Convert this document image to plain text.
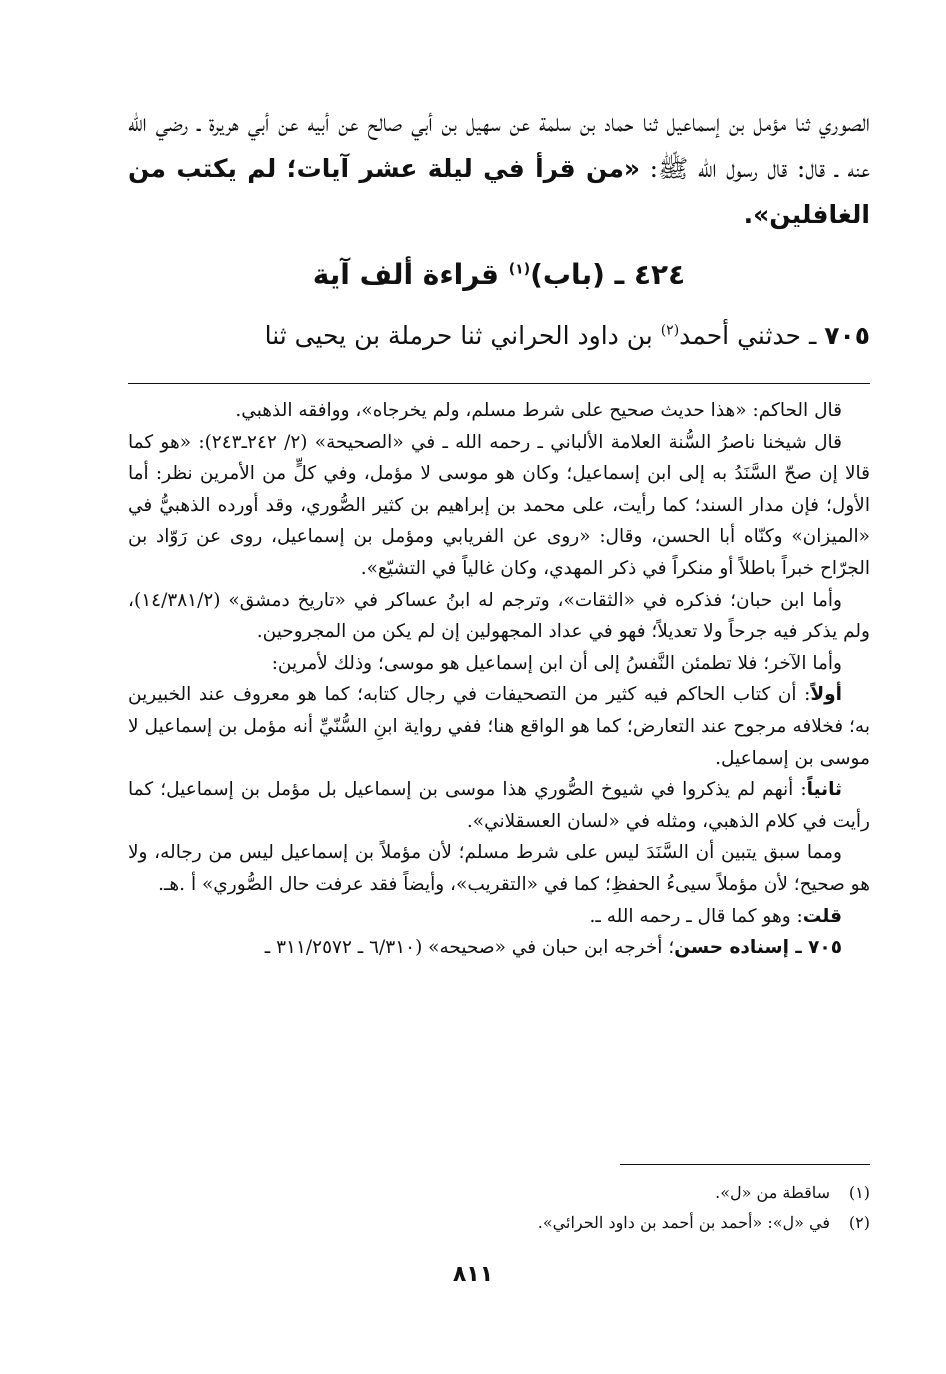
الصوري ثنا مؤمل بن إسماعيل ثنا حماد بن سلمة عن سهيل بن أبي صالح عن أبيه عن أبي هريرة ـ رضي الله عنه ـ قال: قال رسول الله ﷺ: «من قرأ في ليلة عشر آيات؛ لم يكتب من الغافلين».
٤٢٤ ـ (باب)$^{(١)}$ قراءة ألف آية
٧٠٥ ـ حدثني أحمد$^{(٢)}$ بن داود الحراني ثنا حرملة بن يحيى ثنا

قال الحاكم: «هذا حديث صحيح على شرط مسلم، ولم يخرجاه»، ووافقه الذهبي.

قال شيخنا ناصرُ السُّنة العلامة الألباني ـ رحمه الله ـ في «الصحيحة» (٢/ ٢٤٢ـ٢٤٣): «هو كما قالا إن صحّ السَّنَدُ به إلى ابن إسماعيل؛ وكان هو موسى لا مؤمل، وفي كلٍّ من الأمرين نظر: أما الأول؛ فإن مدار السند؛ كما رأيت، على محمد بن إبراهيم بن كثير الصُّوري، وقد أورده الذهبيُّ في «الميزان» وكنّاه أبا الحسن، وقال: «روى عن الفريابي ومؤمل بن إسماعيل، روى عن رَوّاد بن الجرّاح خبراً باطلاً أو منكراً في ذكر المهدي، وكان غالياً في التشيّع».

وأما ابن حبان؛ فذكره في «الثقات»، وترجم له ابنُ عساكر في «تاريخ دمشق» (١٤/٣٨١/٢)، ولم يذكر فيه جرحاً ولا تعديلاً؛ فهو في عداد المجهولين إن لم يكن من المجروحين.

وأما الآخر؛ فلا تطمئن النَّفسُ إلى أن ابن إسماعيل هو موسى؛ وذلك لأمرين:

أولاً: أن كتاب الحاكم فيه كثير من التصحيفات في رجال كتابه؛ كما هو معروف عند الخبيرين به؛ فخلافه مرجوح عند التعارض؛ كما هو الواقع هنا؛ ففي رواية ابنِ السُّنّيِّ أنه مؤمل بن إسماعيل لا موسى بن إسماعيل.

ثانياً: أنهم لم يذكروا في شيوخ الصُّوري هذا موسى بن إسماعيل بل مؤمل بن إسماعيل؛ كما رأيت في كلام الذهبي، ومثله في «لسان العسقلاني».

ومما سبق يتبين أن السَّنَدَ ليس على شرط مسلم؛ لأن مؤملاً بن إسماعيل ليس من رجاله، ولا هو صحيح؛ لأن مؤملاً سيىءُ الحفظِ؛ كما في «التقريب»، وأيضاً فقد عرفت حال الصُّوري» أ .هـ.

قلت: وهو كما قال ـ رحمه الله ـ.

٧٠٥ ـ إسناده حسن؛ أخرجه ابن حبان في «صحيحه» (٦/٣١٠ ـ ٣١١/٢٥٧٢ ـ

(١)
ساقطة من «ل».
(٢)
في «ل»: «أحمد بن أحمد بن داود الحرائي».
٨١١
